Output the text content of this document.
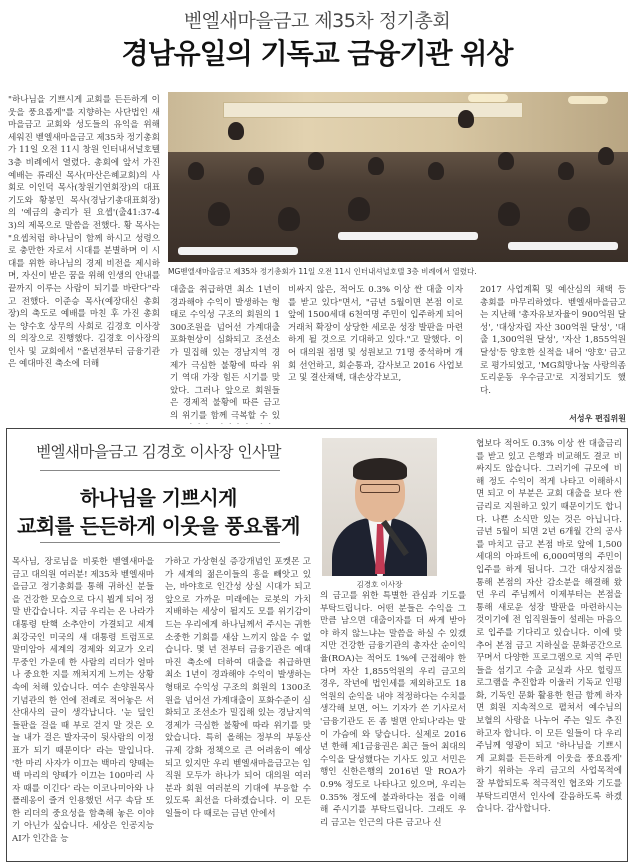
벧엘새마을금고 제35차 정기총회
경남유일의 기독교 금융기관 위상
"하나님을 기쁘시게 교회를 든든하게 이웃을 풍요롭게"를 지향하는 사단법인 새마을금고 교회와 성도들의 유익을 위해 세워진 벧엘새마을금고 제35차 정기총회가 11일 오전 11시 창원 인터내셔널호텔 3층 비례에서 열렸다. 총회에 앞서 가진 예배는 류래신 목사(마산은혜교회)의 사회로 이인덕 목사(창원기연회장)의 대표기도와 황봉민 목사(경남기총대표회장)의 '예금의 충리가 된 요셉'(출41:37-43)의 제목으로 말씀을 전했다. 황 목사는 "요셉처럼 하나님이 함께 하시고 성령으로 충만한 자로서 시대를 분별하며 이 시대를 위한 하나님의 경제 비전을 제시하며, 자신이 받은 꿈을 위해 인생의 안내를 끝까지 이루는 사람이 되기를 바란다"라고 전했다. 이준승 목사(예장대신 총회장)의 축도로 예배를 마친 후 가진 총회는 양수호 상무의 사회로 김경호 이사장의 의장으로 진행했다. 김경호 이사장의 인사 및 교회에서 "올년전부터 금융기관은 예대마진 축소에 더해
MG벧엘새마을금고 제35차 정기총회가 11일 오전 11시 인터내셔널호텔 3층 비례에서 열렸다.
대출을 취급하면 최소 1년이 경과해야 수익이 발생하는 형태로 수익성 구조의 회원의 1300조원을 넘어선 가계대출 포화현상이 심화되고 조선소가 밀집해 있는 경남지역 경제가 극심한 불황에 따라 위기 역대 가장 힘든 시기를 맞았다. 그러나 앞으로 회원들은 경제적 불황에 따른 금고의 위기를 함께 극복할 수 있
비싸지 않은, 적어도 0.3% 이상 싼 대출 이자를 받고 있다"면서, "금년 5월이면 본점 이로 앞에 1500세대 6천여명 주민이 입주하게 되어 거래처 확장이 상당한 세로운 성장 발판을 마련하게 될 것으로 기대하고 있다."고 말했다. 이어 대의원 점명 및 성원보고 71명 중석하며 개회 선언하고, 회순통과, 감사보고 2016 사업보고 및 결산채택, 대손상각보고,
2017 사업계획 및 예산심의 채택 등 총회를 마무리하였다. 벧엘새마을금고는 지난해 '총자유보자율이 900억원 달성', '대상자립 자산 300억원 달성', '대출 1,300억원 달성', '자산 1,855억원 달성'등 양호한 실적을 내어 '양호' 금고로 평가되었고, 'MG희망나눔 사랑의좀도리운동 우수금고'로 지정되기도 했다.
서성우 편집위원
벧엘새마을금고 김경호 이사장 인사말
하나님을 기쁘시게
교회를 든든하게 이웃을 풍요롭게
목사님, 장로님을 비롯한 벧엘새마을금고 대의원 여러분! 제35차 벧엘새마을금고 정기총회를 통해 귀하신 분들을 건강한 모습으로 다시 뵙게 되어 정말 반갑습니다. 지금 우리는 온 나라가 대통령 탄핵 소추안이 가결되고 세계 최강국인 미국의 새 대통령 트럼프로 말미암아 세계의 경제와 외교가 오리무중인 가운데 한 사람의 리더가 얼마나 중요한 지를 깨쳐지게 느끼는 상황 속에 처해 있습니다. 여수 손양원목사 기념관의 한 언에 전례로 적어놓은 서산대사의 글이 생각납니다. '눈 덮인 들판을 걸을 때 부로 걷지 말 것은 오늘 내가 걸은 발자국이 뒷사람의 이정표가 되기 때문이다' 라는 말입니다. '한 마리 사자가 이끄는 백마리 양떼는 백 마리의 양떼가 이끄는 100마리 사자 때를 이긴다' 라는 이코나미아와 나폴레옹이 즐겨 인용했던 서구 속담 또한 리더의 중요성을 함축해 놓은 이야기 아닌가 싶습니다. 세상은 인공지능 AI가 인간을 능
가하고 가상현실 증강개념인 포켓몬 고가 세계의 젊은이들의 흥을 빼앗고 있는, 바야흐로 인간성 상실 시대가 되고 앞으로 가까운 미래에는 로봇의 가치 지배하는 세상이 될지도 모를 위기감이 드는 우리에게 하나님께서 주시는 귀한 소중한 기회를 새삼 느끼지 않을 수 없습니다. 몇 년 전부터 금융기관은 예대마진 축소에 더하여 대출을 취급하면 최소 1년이 경과해야 수익이 발생하는 형태로 수익성 구조의 회원의 1300조원을 넘어선 가계대출이 포화수준이 심화되고 조선소가 밀집해 있는 경남지역 경제가 극심한 불황에 따라 위기를 맞았습니다. 특히 올해는 정부의 부동산 규제 강화 정책으로 큰 어려움이 예상되고 있지만 우리 벧엘새마을금고는 임직원 모두가 하나가 되어 대의원 여러분과 회원 여러분의 기대에 부응할 수 있도록 최선을 다하겠습니다. 이 모든 일들이 다 때로는 금년 안에서
김경호 이사장
의 금고를 위한 특별한 관심과 기도를 부탁드립니다. 어떤 분들은 수익을 그 만큼 남으면 대출이자를 더 싸게 받아야 하지 않느냐는 말씀을 하실 수 있겠지만 건강한 금융기관의 총자산 순이익율(ROA)는 적어도 1%에 근접해야 한다며 자산 1,855억원의 우리 금고의 경우, 작년에 법인세를 제외하고도 18억원의 순익을 내야 적정하다는 수치를 생각해 보면, 어느 기자가 쓴 기사로서 '금융기관도 돈 좀 벌면 안되나'라는 말이 가슴에 와 닿습니다. 실제로 2016년 한해 제1금융권은 최근 들어 최대의 수익을 달성했다는 기사도 있고 서민은행인 신한은행의 2016년 말 ROA가 0.9% 정도로 나타나고 있으며, 우리는 0.35% 정도에 불과하다는 점을 이해해 주시기를 부탁드립니다. 그래도 우리 금고는 인근의 다른 금고나 신
협보다 적어도 0.3% 이상 싼 대출금리를 받고 있고 은행과 비교해도 결코 비싸지도 않습니다. 그러기에 규모에 비해 정도 수익이 적게 나타고 이해하시면 되고 이 부분은 교회 대출을 보다 싼 금리로 지원하고 있기 때문이기도 합니다. 나쁜 소식만 있는 것은 아닙니다. 금년 5월이 되면 2년 6개월 간의 공사를 마치고 금고 본점 바로 앞에 1,500세대의 아파트에 6,000여명의 주민이 입주를 하게 됩니다. 그간 대상지점을 통해 본점의 자산 감소분을 해결해 왔던 우리 주님께서 이제부터는 본점을 통해 새로운 성장 발판을 마련하시는 것이기에 전 임직원들이 설레는 마음으로 입주를 기다리고 있습니다. 이에 맞추어 본점 금고 지하실을 문화공간으로 꾸며서 다양한 프로그램으로 지역 주민들을 섬기고 수출 교실과 사모 힐링프로그램을 추진합과 이울러 기독교 인평화, 기독인 문화 활용한 헌금 함께 하자면 회원 지속적으로 펼쳐서 예수님의 보혈의 사랑을 나누어 주는 일도 추진하고자 합니다. 이 모든 일들이 다 우리 주님께 영광이 되고 '하나님을 기쁘시게 교회를 든든하게 이웃을 풍요롭게' 하기 위하는 우리 금고의 사업목적에 잘 부합되도록 적극적인 협조와 기도를 부탁드리면서 인사에 갈음하도록 하겠습니다. 감사합니다.
